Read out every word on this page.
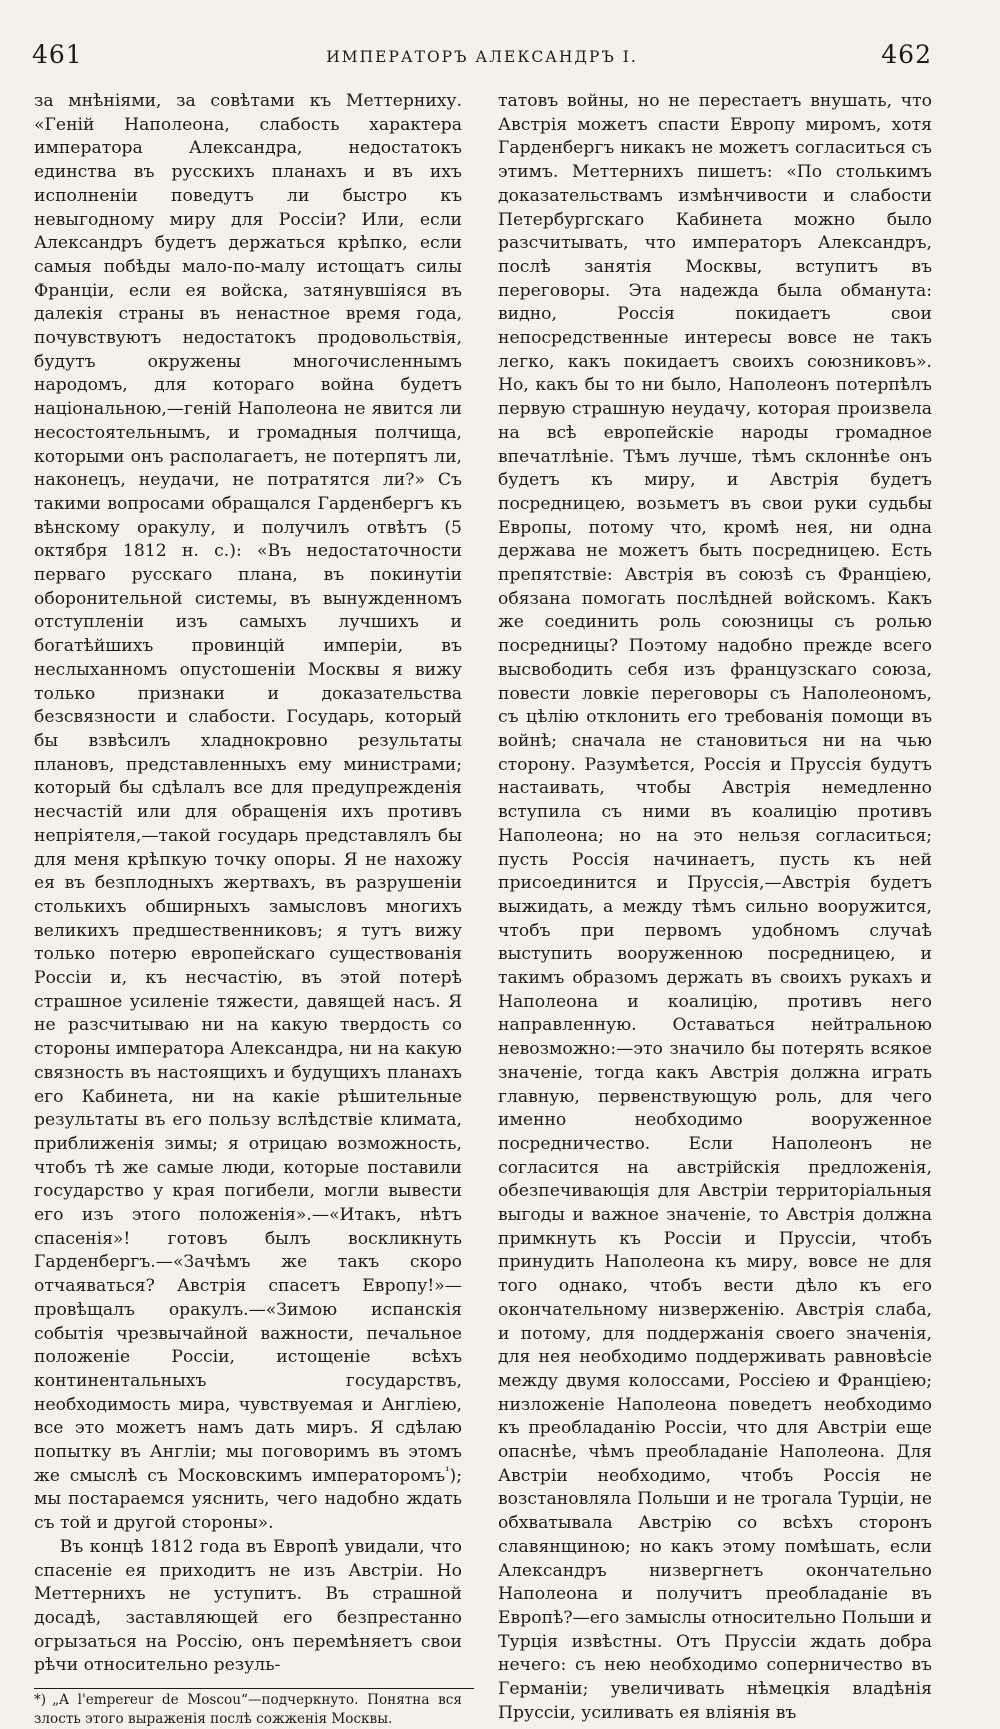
461	ИМПЕРАТОРЪ АЛЕКСАНДРЪ I.	462

за мнѣніями, за совѣтами къ Меттерниху. «Геній Наполеона, слабость характера императора Александра, недостатокъ единства въ русскихъ планахъ и въ ихъ исполненіи поведутъ ли быстро къ невыгодному миру для Россіи? Или, если Александръ будетъ держаться крѣпко, если самыя побѣды мало-по-малу истощатъ силы Франціи, если ея войска, затянувшіяся въ далекія страны въ ненастное время года, почувствуютъ недостатокъ продовольствія, будутъ окружены многочисленнымъ народомъ, для котораго война будетъ національною,—геній Наполеона не явится ли несостоятельнымъ, и громадныя полчища, которыми онъ располагаетъ, не потерпятъ ли, наконецъ, неудачи, не потратятся ли?» Съ такими вопросами обращался Гарденбергъ къ вѣнскому оракулу, и получилъ отвѣтъ (5 октября 1812 н. с.): «Въ недостаточности перваго русскаго плана, въ покинутіи оборонительной системы, въ вынужденномъ отступленіи изъ самыхъ лучшихъ и богатѣйшихъ провинцій имперіи, въ неслыханномъ опустошеніи Москвы я вижу только признаки и доказательства безсвязности и слабости. Государь, который бы взвѣсилъ хладнокровно результаты плановъ, представленныхъ ему министрами; который бы сдѣлалъ все для предупрежденія несчастій или для обращенія ихъ противъ непріятеля,—такой государь представлялъ бы для меня крѣпкую точку опоры. Я не нахожу ея въ безплодныхъ жертвахъ, въ разрушеніи столькихъ обширныхъ замысловъ многихъ великихъ предшественниковъ; я тутъ вижу только потерю европейскаго существованія Россіи и, къ несчастію, въ этой потерѣ страшное усиленіе тяжести, давящей насъ. Я не разсчитываю ни на какую твердость со стороны императора Александра, ни на какую связность въ настоящихъ и будущихъ планахъ его Кабинета, ни на какіе рѣшительные результаты въ его пользу вслѣдствіе климата, приближенія зимы; я отрицаю возможность, чтобъ тѣ же самые люди, которые поставили государство у края погибели, могли вывести его изъ этого положенія».—«Итакъ, нѣтъ спасенія»! готовъ былъ воскликнуть Гарденбергъ.—«Зачѣмъ же такъ скоро отчаяваться? Австрія спасетъ Европу!»—провѣщалъ оракулъ.—«Зимою испанскія событія чрезвычайной важности, печальное положеніе Россіи, истощеніе всѣхъ континентальныхъ государствъ, необходимость мира, чувствуемая и Англіею, все это можетъ намъ дать миръ. Я сдѣлаю попытку въ Англіи; мы поговоримъ въ этомъ же смыслѣ съ Московскимъ императоромъ$^{^1}$); мы постараемся уяснить, чего надобно ждать съ той и другой стороны».

Въ концѣ 1812 года въ Европѣ увидали, что спасеніе ея приходитъ не изъ Австріи. Но Меттернихъ не уступитъ. Въ страшной досадѣ, заставляющей его безпрестанно огрызаться на Россію, онъ перемѣняетъ свои рѣчи относительно резуль-

*) „A l'empereur de Moscou“—подчеркнуто. Понятна вся злость этого выраженія послѣ сожженія Москвы.

татовъ войны, но не перестаетъ внушать, что Австрія можетъ спасти Европу миромъ, хотя Гарденбергъ никакъ не можетъ согласиться съ этимъ. Меттернихъ пишетъ: «По столькимъ доказательствамъ измѣнчивости и слабости Петербургскаго Кабинета можно было разсчитывать, что императоръ Александръ, послѣ занятія Москвы, вступитъ въ переговоры. Эта надежда была обманута: видно, Россія покидаетъ свои непосредственные интересы вовсе не такъ легко, какъ покидаетъ своихъ союзниковъ». Но, какъ бы то ни было, Наполеонъ потерпѣлъ первую страшную неудачу, которая произвела на всѣ европейскіе народы громадное впечатлѣніе. Тѣмъ лучше, тѣмъ склоннѣе онъ будетъ къ миру, и Австрія будетъ посредницею, возьметъ въ свои руки судьбы Европы, потому что, кромѣ нея, ни одна держава не можетъ быть посредницею. Есть препятствіе: Австрія въ союзѣ съ Франціею, обязана помогать послѣдней войскомъ. Какъ же соединить роль союзницы съ ролью посредницы? Поэтому надобно прежде всего высвободить себя изъ французскаго союза, повести ловкіе переговоры съ Наполеономъ, съ цѣлію отклонить его требованія помощи въ войнѣ; сначала не становиться ни на чью сторону. Разумѣется, Россія и Пруссія будутъ настаивать, чтобы Австрія немедленно вступила съ ними въ коалицію противъ Наполеона; но на это нельзя согласиться; пусть Россія начинаетъ, пусть къ ней присоединится и Пруссія,—Австрія будетъ выжидать, а между тѣмъ сильно вооружится, чтобъ при первомъ удобномъ случаѣ выступить вооруженною посредницею, и такимъ образомъ держать въ своихъ рукахъ и Наполеона и коалицію, противъ него направленную. Оставаться нейтральною невозможно:—это значило бы потерять всякое значеніе, тогда какъ Австрія должна играть главную, первенствующую роль, для чего именно необходимо вооруженное посредничество. Если Наполеонъ не согласится на австрійскія предложенія, обезпечивающія для Австріи территоріальныя выгоды и важное значеніе, то Австрія должна примкнуть къ Россіи и Пруссіи, чтобъ принудить Наполеона къ миру, вовсе не для того однако, чтобъ вести дѣло къ его окончательному низверженію. Австрія слаба, и потому, для поддержанія своего значенія, для нея необходимо поддерживать равновѣсіе между двумя колоссами, Россіею и Франціею; низложеніе Наполеона поведетъ необходимо къ преобладанію Россіи, что для Австріи еще опаснѣе, чѣмъ преобладаніе Наполеона. Для Австріи необходимо, чтобъ Россія не возстановляла Польши и не трогала Турціи, не обхватывала Австрію со всѣхъ сторонъ славянщиною; но какъ этому помѣшать, если Александръ низвергнетъ окончательно Наполеона и получитъ преобладаніе въ Европѣ?—его замыслы относительно Польши и Турція извѣстны. Отъ Пруссіи ждать добра нечего: съ нею необходимо соперничество въ Германіи; увеличивать нѣмецкія владѣнія Пруссіи, усиливать ея вліянія въ
